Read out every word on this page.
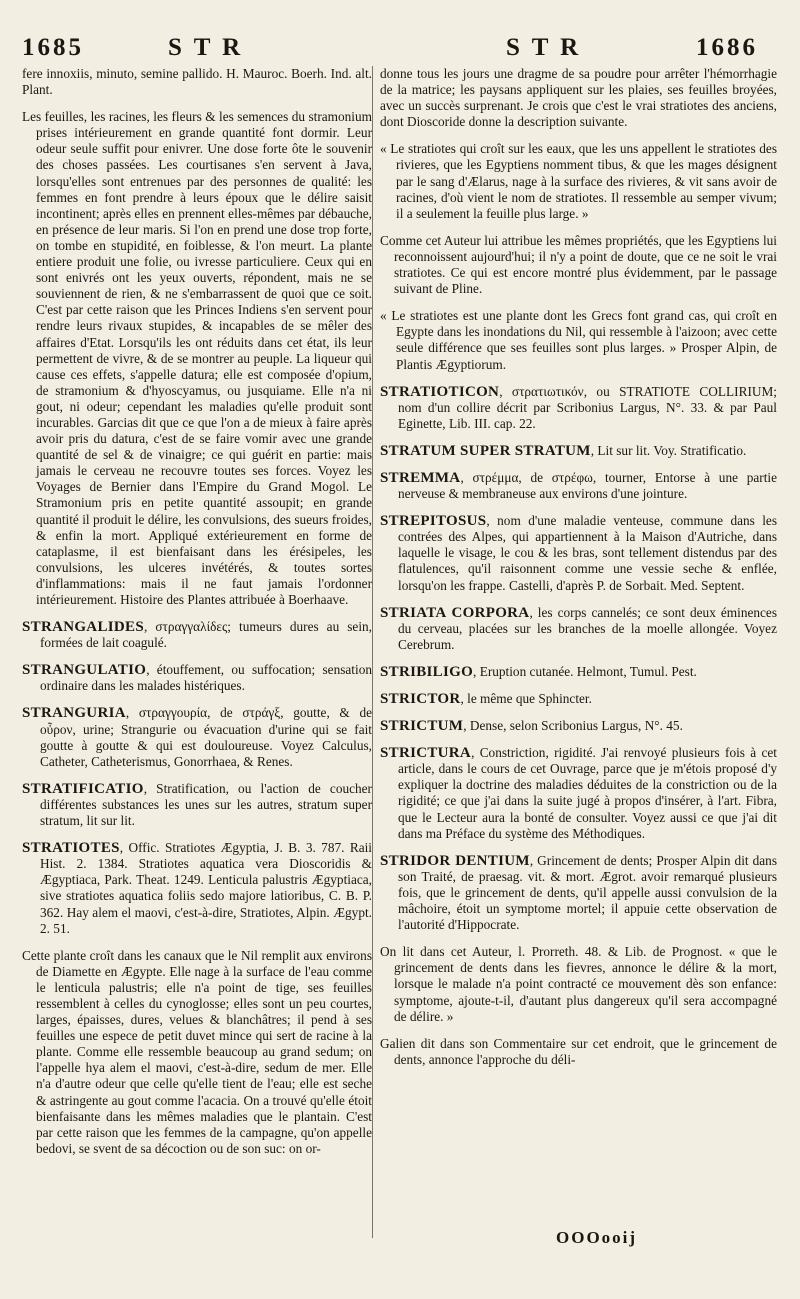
1685	S T R	S T R	1686

fere innoxiis, minuto, semine pallido. H. Mauroc. Boerh. Ind. alt. Plant.

Les feuilles, les racines, les fleurs & les semences du stramonium prises intérieurement en grande quantité font dormir. Leur odeur seule suffit pour enivrer. Une dose forte ôte le souvenir des choses passées. Les courtisanes s'en servent à Java, lorsqu'elles sont entrenues par des personnes de qualité: les femmes en font prendre à leurs époux que le délire saisit incontinent; après elles en prennent elles-mêmes par débauche, en présence de leur maris. Si l'on en prend une dose trop forte, on tombe en stupidité, en foiblesse, & l'on meurt. La plante entiere produit une folie, ou ivresse particuliere. Ceux qui en sont enivrés ont les yeux ouverts, répondent, mais ne se souviennent de rien, & ne s'embarrassent de quoi que ce soit. C'est par cette raison que les Princes Indiens s'en servent pour rendre leurs rivaux stupides, & incapables de se mêler des affaires d'Etat. Lorsqu'ils les ont réduits dans cet état, ils leur permettent de vivre, & de se montrer au peuple. La liqueur qui cause ces effets, s'appelle datura; elle est composée d'opium, de stramonium & d'hyoscyamus, ou jusquiame. Elle n'a ni gout, ni odeur; cependant les maladies qu'elle produit sont incurables. Garcias dit que ce que l'on a de mieux à faire après avoir pris du datura, c'est de se faire vomir avec une grande quantité de sel & de vinaigre; ce qui guérit en partie: mais jamais le cerveau ne recouvre toutes ses forces. Voyez les Voyages de Bernier dans l'Empire du Grand Mogol. Le Stramonium pris en petite quantité assoupit; en grande quantité il produit le délire, les convulsions, des sueurs froides, & enfin la mort. Appliqué extérieurement en forme de cataplasme, il est bienfaisant dans les érésipeles, les convulsions, les ulceres invétérés, & toutes sortes d'inflammations: mais il ne faut jamais l'ordonner intérieurement. Histoire des Plantes attribuée à Boerhaave.

STRANGALIDES, στραγγαλίδες; tumeurs dures au sein, formées de lait coagulé.

STRANGULATIO, étouffement, ou suffocation; sensation ordinaire dans les malades histériques.

STRANGURIA, στραγγουρία, de στράγξ, goutte, & de οὖρον, urine; Strangurie ou évacuation d'urine qui se fait goutte à goutte & qui est douloureuse. Voyez Calculus, Catheter, Catheterismus, Gonorrhaea, & Renes.

STRATIFICATIO, Stratification, ou l'action de coucher différentes substances les unes sur les autres, stratum super stratum, lit sur lit.

STRATIOTES, Offic. Stratiotes Ægyptia, J. B. 3. 787. Raii Hist. 2. 1384. Stratiotes aquatica vera Dioscoridis & Ægyptiaca, Park. Theat. 1249. Lenticula palustris Ægyptiaca, sive stratiotes aquatica foliis sedo majore latioribus, C. B. P. 362. Hay alem el maovi, c'est-à-dire, Stratiotes, Alpin. Ægypt. 2. 51.

Cette plante croît dans les canaux que le Nil remplit aux environs de Diamette en Ægypte. Elle nage à la surface de l'eau comme le lenticula palustris; elle n'a point de tige, ses feuilles ressemblent à celles du cynoglosse; elles sont un peu courtes, larges, épaisses, dures, velues & blanchâtres; il pend à ses feuilles une espece de petit duvet mince qui sert de racine à la plante. Comme elle ressemble beaucoup au grand sedum; on l'appelle hya alem el maovi, c'est-à-dire, sedum de mer. Elle n'a d'autre odeur que celle qu'elle tient de l'eau; elle est seche & astringente au gout comme l'acacia. On a trouvé qu'elle étoit bienfaisante dans les mêmes maladies que le plantain. C'est par cette raison que les femmes de la campagne, qu'on appelle bedovi, se svent de sa décoction ou de son suc: on or-

donne tous les jours une dragme de sa poudre pour arrêter l'hémorrhagie de la matrice; les paysans appliquent sur les plaies, ses feuilles broyées, avec un succès surprenant. Je crois que c'est le vrai stratiotes des anciens, dont Dioscoride donne la description suivante.

« Le stratiotes qui croît sur les eaux, que les uns appellent le stratiotes des rivieres, que les Egyptiens nomment tibus, & que les mages désignent par le sang d'Ælarus, nage à la surface des rivieres, & vit sans avoir de racines, d'où vient le nom de stratiotes. Il ressemble au semper vivum; il a seulement la feuille plus large. »

Comme cet Auteur lui attribue les mêmes propriétés, que les Egyptiens lui reconnoissent aujourd'hui; il n'y a point de doute, que ce ne soit le vrai stratiotes. Ce qui est encore montré plus évidemment, par le passage suivant de Pline.

« Le stratiotes est une plante dont les Grecs font grand cas, qui croît en Egypte dans les inondations du Nil, qui ressemble à l'aizoon; avec cette seule différence que ses feuilles sont plus larges. » Prosper Alpin, de Plantis Ægyptiorum.

STRATIOTICON, στρατιωτικόν, ou STRATIOTE COLLIRIUM; nom d'un collire décrit par Scribonius Largus, N°. 33. & par Paul Eginette, Lib. III. cap. 22.

STRATUM SUPER STRATUM, Lit sur lit. Voy. Stratificatio.

STREMMA, στρέμμα, de στρέφω, tourner, Entorse à une partie nerveuse & membraneuse aux environs d'une jointure.

STREPITOSUS, nom d'une maladie venteuse, commune dans les contrées des Alpes, qui appartiennent à la Maison d'Autriche, dans laquelle le visage, le cou & les bras, sont tellement distendus par des flatulences, qu'il raisonnent comme une vessie seche & enflée, lorsqu'on les frappe. Castelli, d'après P. de Sorbait. Med. Septent.

STRIATA CORPORA, les corps cannelés; ce sont deux éminences du cerveau, placées sur les branches de la moelle allongée. Voyez Cerebrum.

STRIBILIGO, Eruption cutanée. Helmont, Tumul. Pest.

STRICTOR, le même que Sphincter.

STRICTUM, Dense, selon Scribonius Largus, N°. 45.

STRICTURA, Constriction, rigidité. J'ai renvoyé plusieurs fois à cet article, dans le cours de cet Ouvrage, parce que je m'étois proposé d'y expliquer la doctrine des maladies déduites de la constriction ou de la rigidité; ce que j'ai dans la suite jugé à propos d'insérer, à l'art. Fibra, que le Lecteur aura la bonté de consulter. Voyez aussi ce que j'ai dit dans ma Préface du système des Méthodiques.

STRIDOR DENTIUM, Grincement de dents; Prosper Alpin dit dans son Traité, de praesag. vit. & mort. Ægrot. avoir remarqué plusieurs fois, que le grincement de dents, qu'il appelle aussi convulsion de la mâchoire, étoit un symptome mortel; il appuie cette observation de l'autorité d'Hippocrate.

On lit dans cet Auteur, l. Prorreth. 48. & Lib. de Prognost. « que le grincement de dents dans les fievres, annonce le délire & la mort, lorsque le malade n'a point contracté ce mouvement dès son enfance: symptome, ajoute-t-il, d'autant plus dangereux qu'il sera accompagné de délire. »

Galien dit dans son Commentaire sur cet endroit, que le grincement de dents, annonce l'approche du déli-

OOOooij
